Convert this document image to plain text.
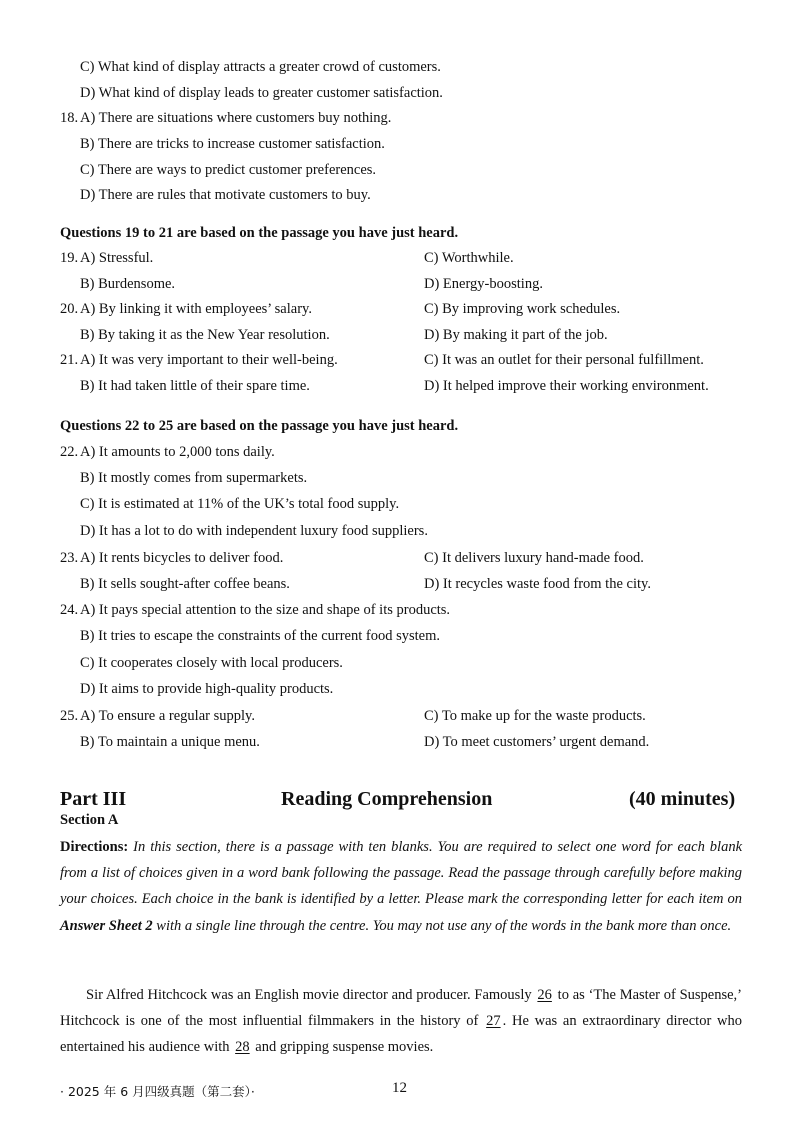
C) What kind of display attracts a greater crowd of customers.
D) What kind of display leads to greater customer satisfaction.
18. A) There are situations where customers buy nothing.
B) There are tricks to increase customer satisfaction.
C) There are ways to predict customer preferences.
D) There are rules that motivate customers to buy.
Questions 19 to 21 are based on the passage you have just heard.
19. A) Stressful.	C) Worthwhile.
B) Burdensome.	D) Energy-boosting.
20. A) By linking it with employees’ salary.	C) By improving work schedules.
B) By taking it as the New Year resolution.	D) By making it part of the job.
21. A) It was very important to their well-being.	C) It was an outlet for their personal fulfillment.
B) It had taken little of their spare time.	D) It helped improve their working environment.
Questions 22 to 25 are based on the passage you have just heard.
22. A) It amounts to 2,000 tons daily.
B) It mostly comes from supermarkets.
C) It is estimated at 11% of the UK’s total food supply.
D) It has a lot to do with independent luxury food suppliers.
23. A) It rents bicycles to deliver food.	C) It delivers luxury hand-made food.
B) It sells sought-after coffee beans.	D) It recycles waste food from the city.
24. A) It pays special attention to the size and shape of its products.
B) It tries to escape the constraints of the current food system.
C) It cooperates closely with local producers.
D) It aims to provide high-quality products.
25. A) To ensure a regular supply.	C) To make up for the waste products.
B) To maintain a unique menu.	D) To meet customers’ urgent demand.
Part III	Reading Comprehension	(40 minutes)
Section A
Directions: In this section, there is a passage with ten blanks. You are required to select one word for each blank from a list of choices given in a word bank following the passage. Read the passage through carefully before making your choices. Each choice in the bank is identified by a letter. Please mark the corresponding letter for each item on Answer Sheet 2 with a single line through the centre. You may not use any of the words in the bank more than once.
Sir Alfred Hitchcock was an English movie director and producer. Famously 26 to as ‘The Master of Suspense,’ Hitchcock is one of the most influential filmmakers in the history of 27 . He was an extraordinary director who entertained his audience with 28 and gripping suspense movies.
· 2025 年 6 月四级真题（第二套）·	12
